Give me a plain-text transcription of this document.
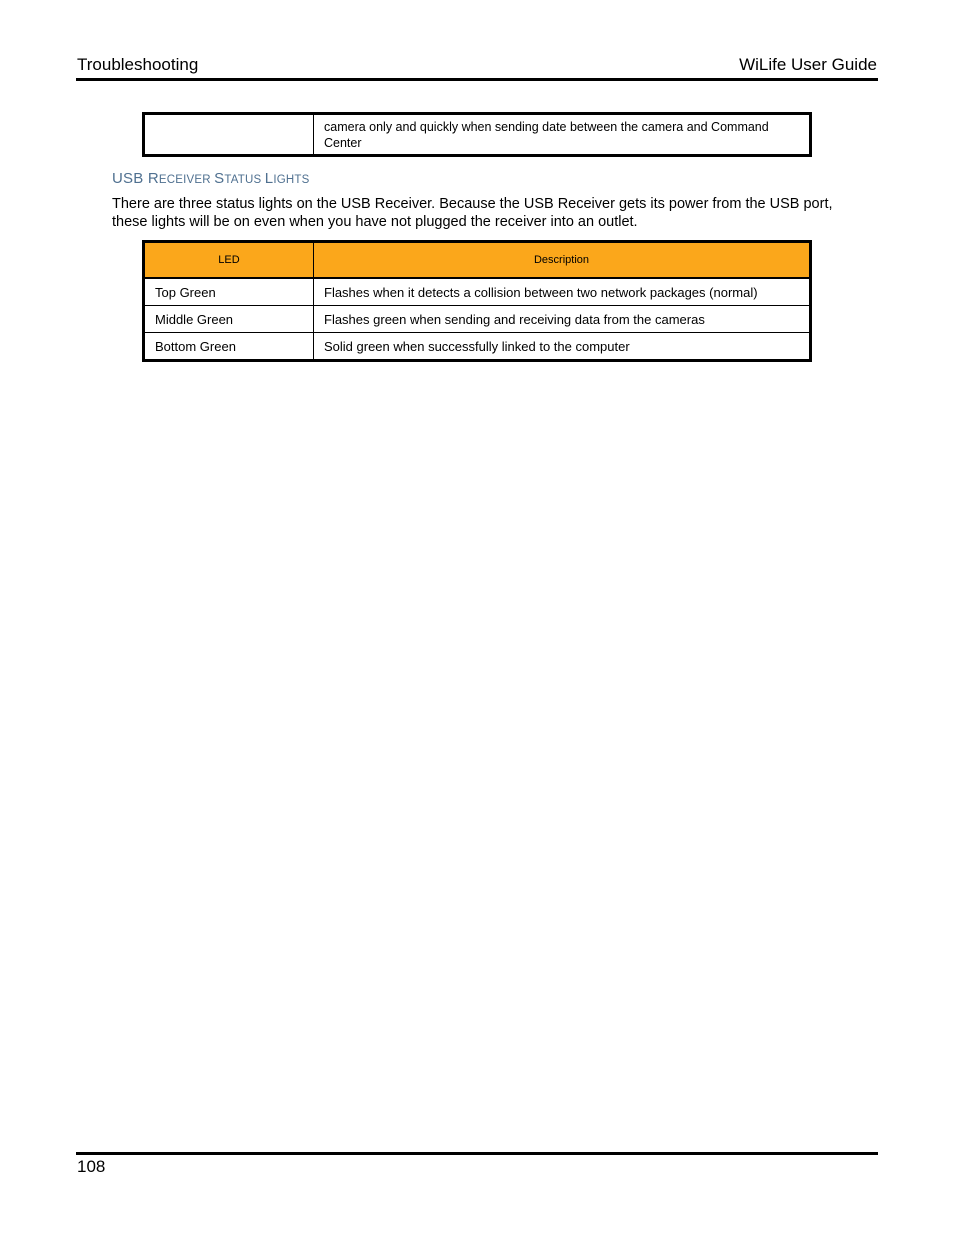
Troubleshooting	WiLife User Guide
	camera only and quickly when sending date between the camera and Command Center
USB RECEIVER STATUS LIGHTS

There are three status lights on the USB Receiver. Because the USB Receiver gets its power from the USB port, these lights will be on even when you have not plugged the receiver into an outlet.

LED	Description
Top Green	Flashes when it detects a collision between two network packages (normal)
Middle Green	Flashes green when sending and receiving data from the cameras
Bottom Green	Solid green when successfully linked to the computer
108
